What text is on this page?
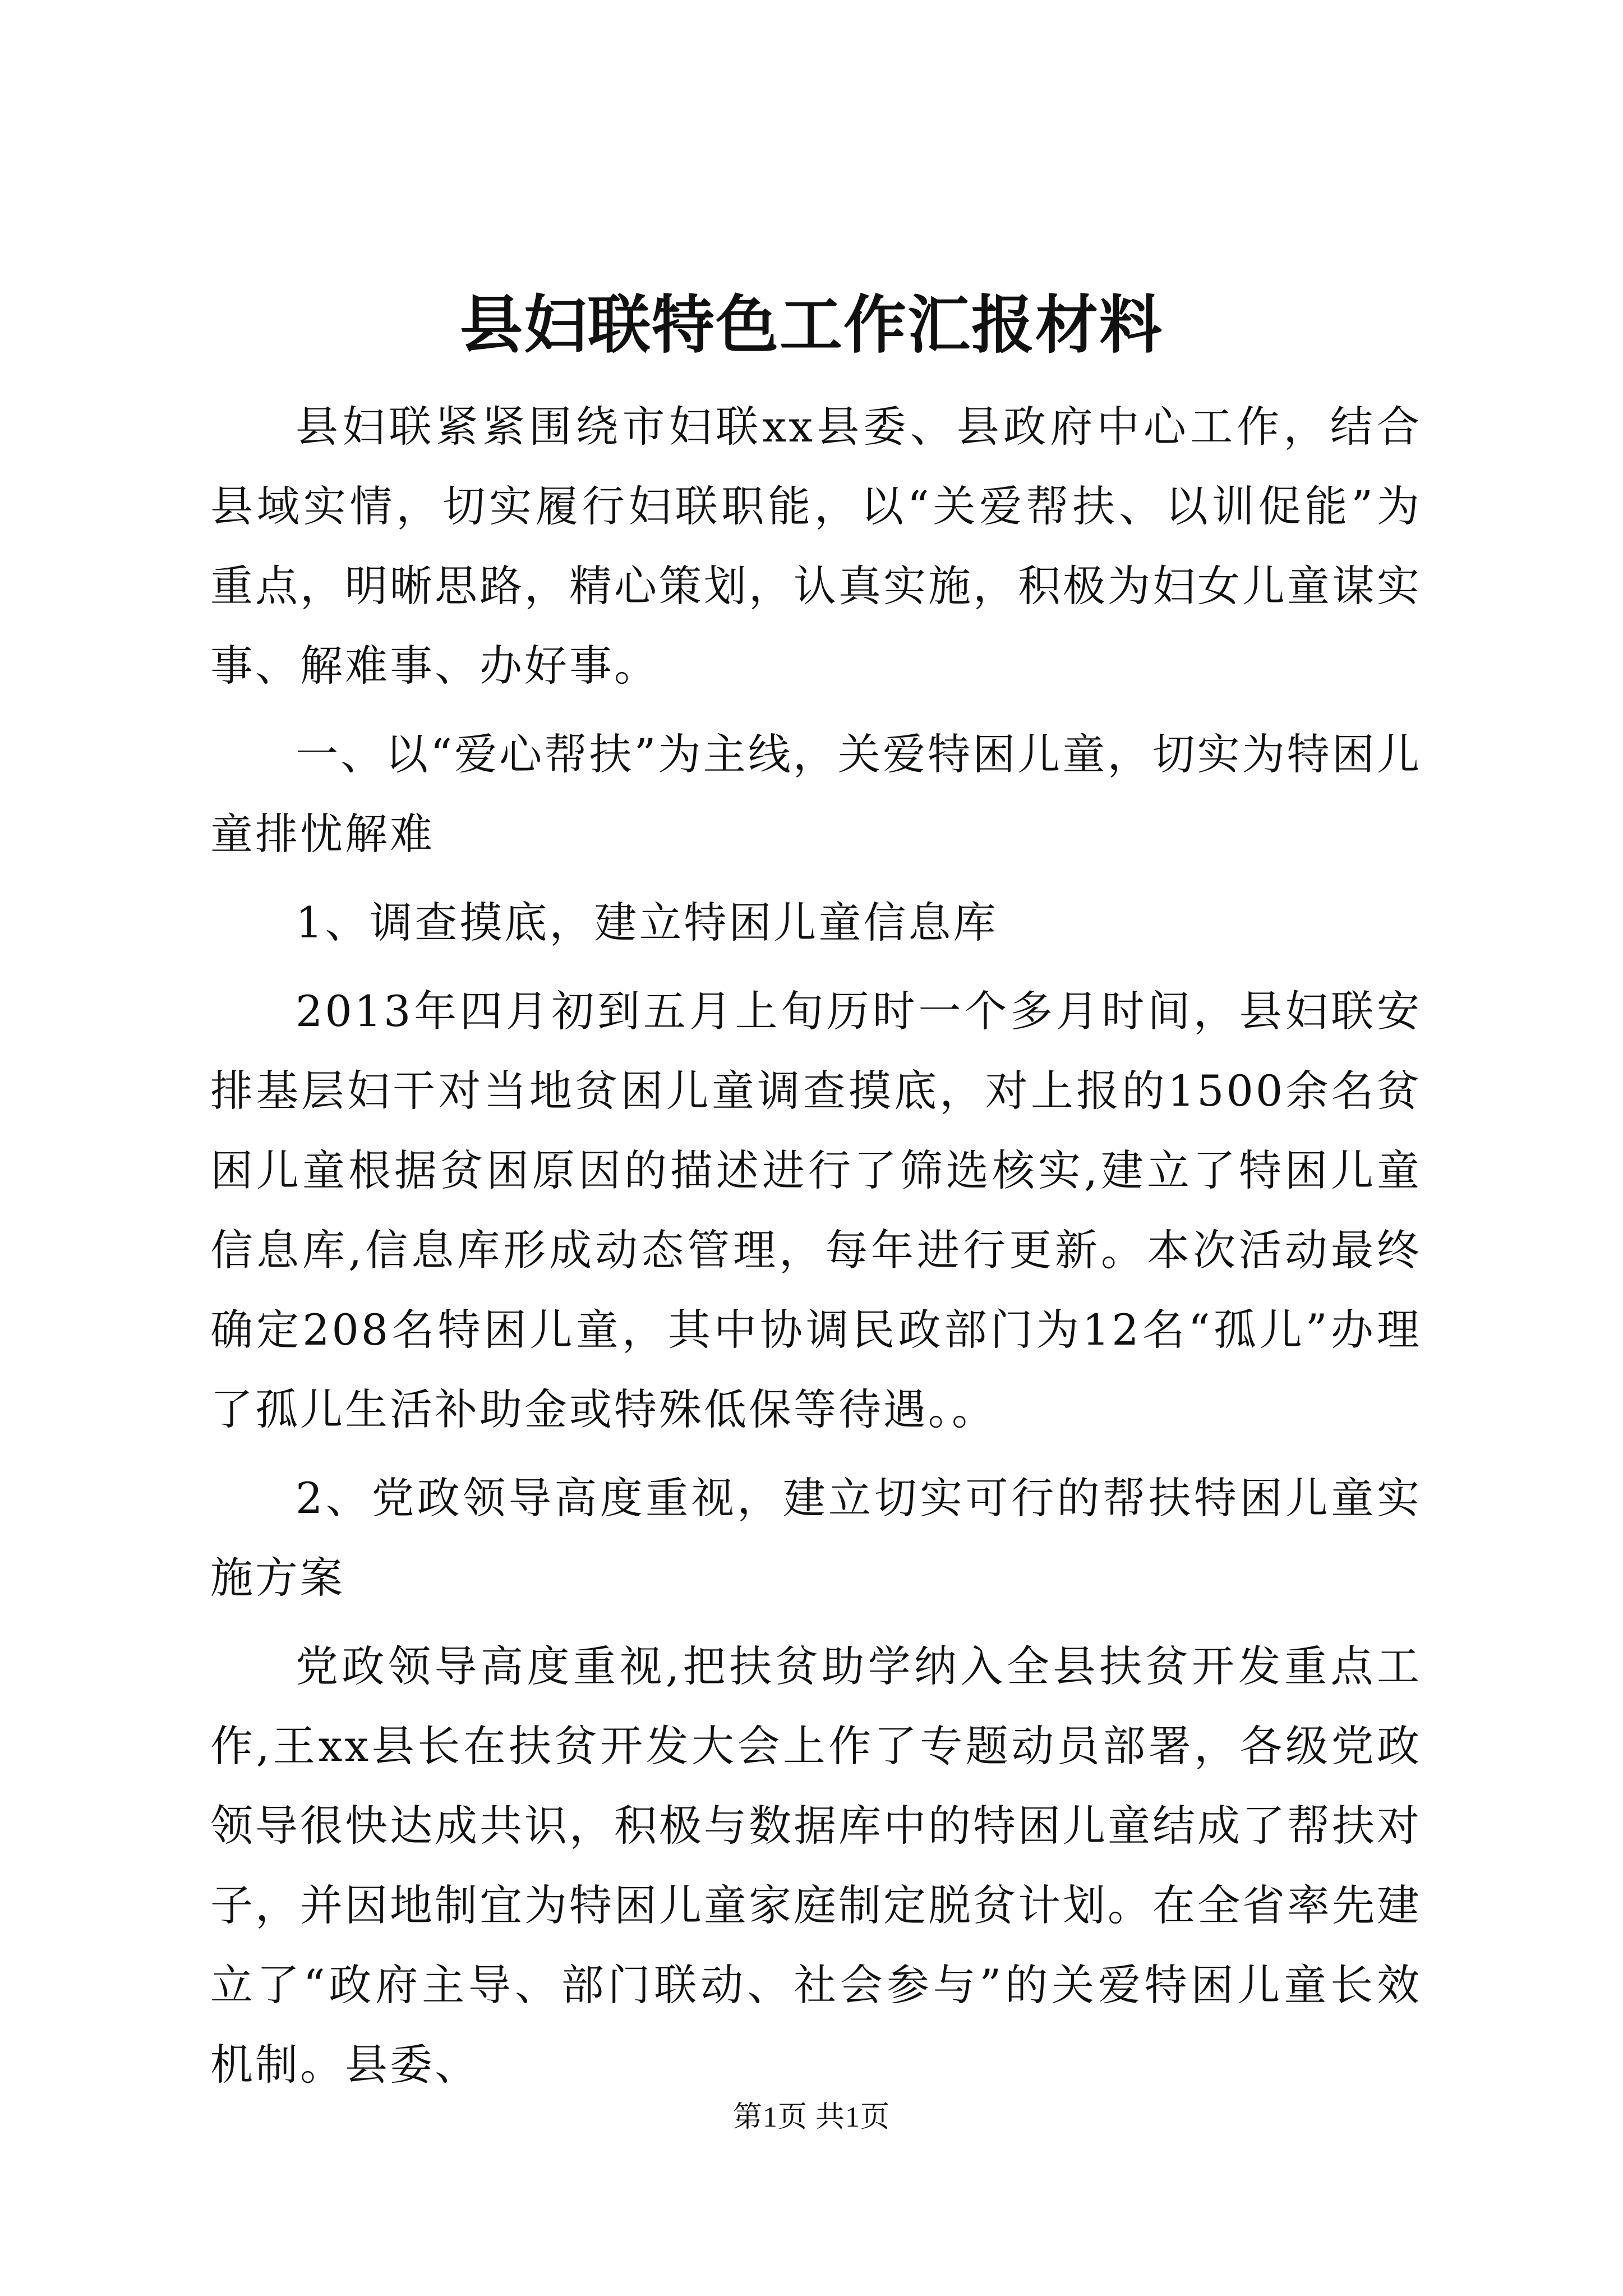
县妇联特色工作汇报材料

县妇联紧紧围绕市妇联xx县委、县政府中心工作，结合县域实情，切实履行妇联职能，以“关爱帮扶、以训促能”为重点，明晰思路，精心策划，认真实施，积极为妇女儿童谋实事、解难事、办好事。

一、以“爱心帮扶”为主线，关爱特困儿童，切实为特困儿童排忧解难

1、调查摸底，建立特困儿童信息库

2013年四月初到五月上旬历时一个多月时间，县妇联安排基层妇干对当地贫困儿童调查摸底，对上报的1500余名贫困儿童根据贫困原因的描述进行了筛选核实,建立了特困儿童信息库,信息库形成动态管理，每年进行更新。本次活动最终确定208名特困儿童，其中协调民政部门为12名“孤儿”办理了孤儿生活补助金或特殊低保等待遇。。

2、党政领导高度重视，建立切实可行的帮扶特困儿童实施方案

党政领导高度重视,把扶贫助学纳入全县扶贫开发重点工作,王xx县长在扶贫开发大会上作了专题动员部署，各级党政领导很快达成共识，积极与数据库中的特困儿童结成了帮扶对子，并因地制宜为特困儿童家庭制定脱贫计划。在全省率先建立了“政府主导、部门联动、社会参与”的关爱特困儿童长效机制。县委、

第1页 共1页
